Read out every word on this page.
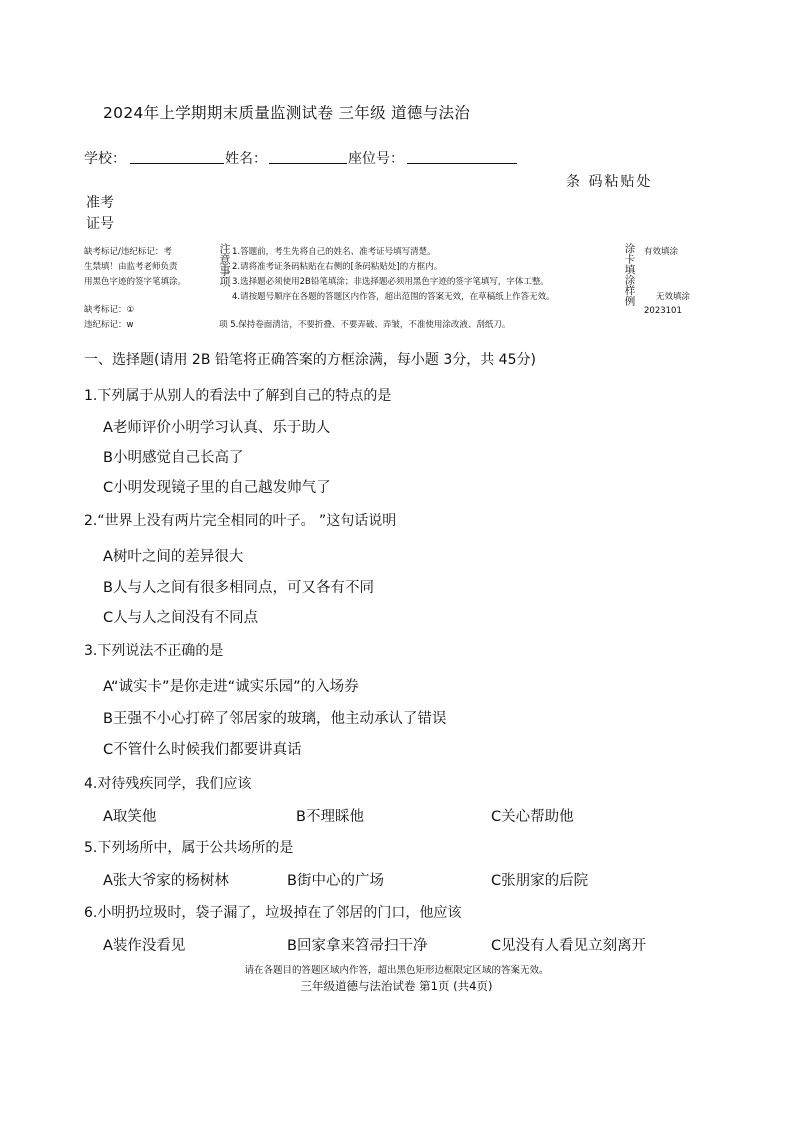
2024年上学期期末质量监测试卷 三年级 道德与法治
学校：	姓名：	座位号：
条 码粘贴处
准考
证号
缺考标记/违纪标记：考
生禁填！由监考老师负责
用黑色字迹的签字笔填涂。
缺考标记：①
违纪标记：w
注意事项 1.答题前，考生先将自己的姓名、准考证号填写清楚。
2.请将准考证条码粘贴在右侧的[条码粘贴处]的方框内。
3.选择题必须使用2B铅笔填涂；非选择题必须用黑色字迹的签字笔填写，字体工整。
4.请按题号顺序在各题的答题区内作答，超出范围的答案无效，在草稿纸上作答无效。
项 5.保持卷面清洁，不要折叠、不要弄破、弄皱，不准使用涂改液、刮纸刀。
涂卡填涂样例 有效填涂
无效填涂
2023101
一、选择题(请用 2B 铅笔将正确答案的方框涂满，每小题 3分，共 45分)
1.下列属于从别人的看法中了解到自己的特点的是
A老师评价小明学习认真、乐于助人
B小明感觉自己长高了
C小明发现镜子里的自己越发帅气了
2.“世界上没有两片完全相同的叶子。 ”这句话说明
A树叶之间的差异很大
B人与人之间有很多相同点，可又各有不同
C人与人之间没有不同点
3.下列说法不正确的是
A“诚实卡”是你走进“诚实乐园”的入场券
B王强不小心打碎了邻居家的玻璃，他主动承认了错误
C不管什么时候我们都要讲真话
4.对待残疾同学，我们应该
A取笑他	B不理睬他	C关心帮助他
5.下列场所中，属于公共场所的是
A张大爷家的杨树林	B街中心的广场	C张朋家的后院
6.小明扔垃圾时，袋子漏了，垃圾掉在了邻居的门口，他应该
A装作没看见	B回家拿来笤帚扫干净	C见没有人看见立刻离开
请在各题目的答题区域内作答，超出黑色矩形边框限定区域的答案无效。
三年级道德与法治试卷 第1页 (共4页)
